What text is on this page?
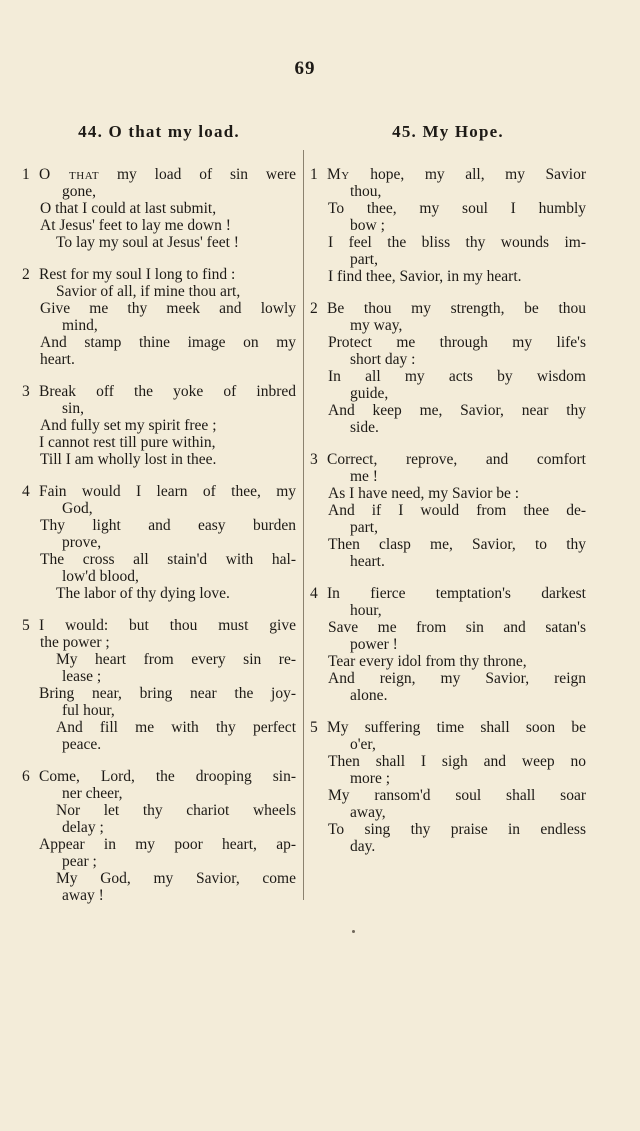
69
44. O that my load.
1 O that my load of sin were
gone,
O that I could at last submit,
At Jesus' feet to lay me down !
To lay my soul at Jesus' feet !
2 Rest for my soul I long to find :
Savior of all, if mine thou art,
Give me thy meek and lowly
mind,
And stamp thine image on my
heart.
3 Break off the yoke of inbred
sin,
And fully set my spirit free ;
I cannot rest till pure within,
Till I am wholly lost in thee.
4 Fain would I learn of thee, my
God,
Thy light and easy burden
prove,
The cross all stain'd with hal-
low'd blood,
The labor of thy dying love.
5 I would: but thou must give
the power ;
My heart from every sin re-
lease ;
Bring near, bring near the joy-
ful hour,
And fill me with thy perfect
peace.
6 Come, Lord, the drooping sin-
ner cheer,
Nor let thy chariot wheels
delay ;
Appear in my poor heart, ap-
pear ;
My God, my Savior, come
away !
45. My Hope.
1 My hope, my all, my Savior
thou,
To thee, my soul I humbly
bow ;
I feel the bliss thy wounds im-
part,
I find thee, Savior, in my heart.
2 Be thou my strength, be thou
my way,
Protect me through my life's
short day :
In all my acts by wisdom
guide,
And keep me, Savior, near thy
side.
3 Correct, reprove, and comfort
me !
As I have need, my Savior be :
And if I would from thee de-
part,
Then clasp me, Savior, to thy
heart.
4 In fierce temptation's darkest
hour,
Save me from sin and satan's
power !
Tear every idol from thy throne,
And reign, my Savior, reign
alone.
5 My suffering time shall soon be
o'er,
Then shall I sigh and weep no
more ;
My ransom'd soul shall soar
away,
To sing thy praise in endless
day.
